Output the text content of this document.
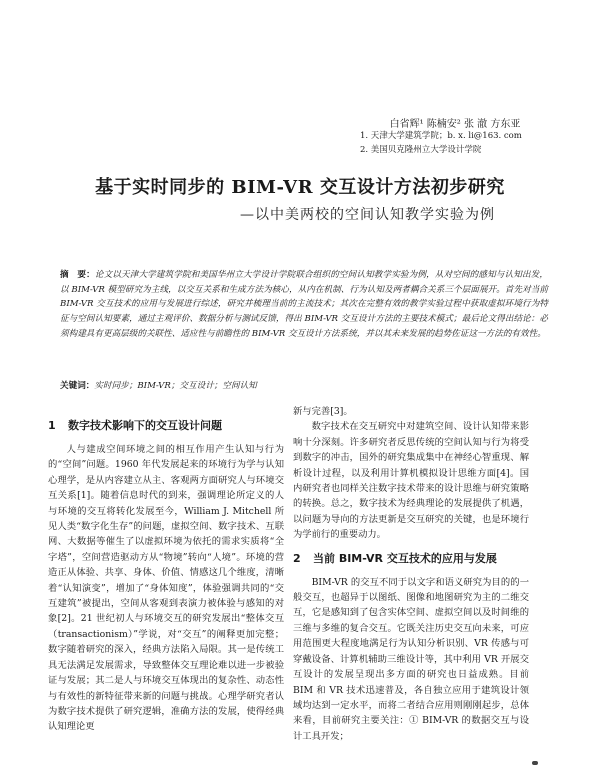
白省辉¹ 陈楠安² 张 澈 方东亚
1. 天津大学建筑学院；b. x. li@163. com
2. 美国贝克隆州立大学设计学院
基于实时同步的 BIM-VR 交互设计方法初步研究
—以中美两校的空间认知教学实验为例
摘　要：论文以天津大学建筑学院和美国华州立大学设计学院联合组织的空间认知教学实验为例，从对空间的感知与认知出发，以 BIM-VR 模型研究为主线，以交互关系和生成方法为核心，从内在机制、行为认知及两者耦合关系三个层面展开。首先对当前 BIM-VR 交互技术的应用与发展进行综述，研究并梳理当前的主流技术；其次在完整有效的教学实验过程中获取虚拟环境行为特征与空间认知要素，通过主观评价、数据分析与测试反馈，得出 BIM-VR 交互设计方法的主要技术模式；最后论文得出结论：必须构建具有更高层级的关联性、适应性与前瞻性的 BIM-VR 交互设计方法系统，并以其未来发展的趋势佐证这一方法的有效性。
关键词：实时同步；BIM-VR；交互设计；空间认知
1 数字技术影响下的交互设计问题

人与建成空间环境之间的相互作用产生认知与行为的“空间”问题。1960 年代发展起来的环境行为学与认知心理学，是从内容建立从主、客观两方面研究人与环境交互关系[1]。随着信息时代的到来，强调理论所定义的人与环境的交互将转化发展至今，William J. Mitchell 所见人类“数字化生存”的问题，虚拟空间、数字技术、互联网、大数据等催生了以虚拟环境为依托的需求实质将“全字塔”，空间营造驱动方从“物境”转向“人境”。环境的营造正从体验、共享、身体、价值、情感这几个维度，清晰着“认知演变”，增加了“身体知度”，体验强调共同的“交互建筑”被提出，空间从客观到表演力被体验与感知的对象[2]。21 世纪初人与环境交互的研究发展出“整体交互（transactionism）”学说，对“交互”的阐释更加完整；数字随着研究的深入，经典方法陷入局限。其一是传统工具无法满足发展需求，导致整体交互理论难以进一步被验证与发展；其二是人与环境交互体现出的复杂性、动态性与有效性的新特征带来新的问题与挑战。心理学研究者认为数字技术提供了研究逻辑，准确方法的发展，使得经典认知理论更

新与完善[3]。

数字技术在交互研究中对建筑空间、设计认知带来影响十分深刻。许多研究者反思传统的空间认知与行为将受到数字的冲击，国外的研究集成集中在神经心智重现、解析设计过程，以及利用计算机模拟设计思维方面[4]。国内研究者也同样关注数字技术带来的设计思维与研究策略的转换。总之，数字技术为经典理论的发展提供了机遇，以问题为导向的方法更新是交互研究的关键，也是环境行为学前行的重要动力。

2 当前 BIM-VR 交互技术的应用与发展

BIM-VR 的交互不同于以文字和语义研究为目的的一般交互，也超异于以图纸、图像和地图研究为主的二维交互，它是感知到了包含实体空间、虚拟空间以及时间维的三维与多维的复合交互。它既关注历史交互向未来，可应用范围更大程度地满足行为认知分析识别、VR 传感与可穿戴设备、计算机辅助三维设计等，其中利用 VR 开展交互设计的发展呈现出多方面的研究也日益成熟。目前 BIM 和 VR 技术迅速普及，各自独立应用于建筑设计领域均达到一定水平，而将二者结合应用则刚刚起步，总体来看，目前研究主要关注：① BIM-VR 的数据交互与设计工具开发；
